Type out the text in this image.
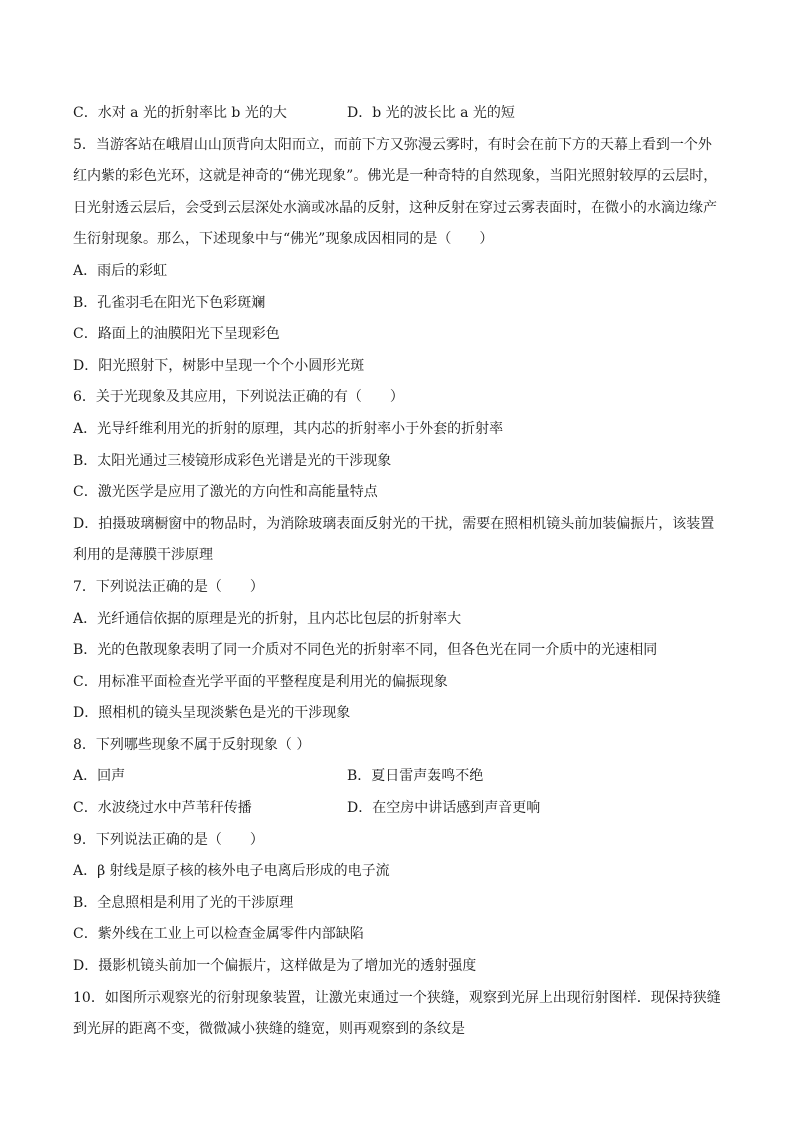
C．水对 a 光的折射率比 b 光的大	D．b 光的波长比 a 光的短
5．当游客站在峨眉山山顶背向太阳而立，而前下方又弥漫云雾时，有时会在前下方的天幕上看到一个外
红内紫的彩色光环，这就是神奇的“佛光现象”。佛光是一种奇特的自然现象，当阳光照射较厚的云层时，
日光射透云层后，会受到云层深处水滴或冰晶的反射，这种反射在穿过云雾表面时，在微小的水滴边缘产
生衍射现象。那么，下述现象中与“佛光”现象成因相同的是（　　）
A．雨后的彩虹
B．孔雀羽毛在阳光下色彩斑斓
C．路面上的油膜阳光下呈现彩色
D．阳光照射下，树影中呈现一个个小圆形光斑
6．关于光现象及其应用，下列说法正确的有（　　）
A．光导纤维利用光的折射的原理，其内芯的折射率小于外套的折射率
B．太阳光通过三棱镜形成彩色光谱是光的干涉现象
C．激光医学是应用了激光的方向性和高能量特点
D．拍摄玻璃橱窗中的物品时，为消除玻璃表面反射光的干扰，需要在照相机镜头前加装偏振片，该装置
利用的是薄膜干涉原理
7．下列说法正确的是（　　）
A．光纤通信依据的原理是光的折射，且内芯比包层的折射率大
B．光的色散现象表明了同一介质对不同色光的折射率不同，但各色光在同一介质中的光速相同
C．用标准平面检查光学平面的平整程度是利用光的偏振现象
D．照相机的镜头呈现淡紫色是光的干涉现象
8．下列哪些现象不属于反射现象（ ）
A．回声	B．夏日雷声轰鸣不绝
C．水波绕过水中芦苇秆传播	D．在空房中讲话感到声音更响
9．下列说法正确的是（　　）
A．β 射线是原子核的核外电子电离后形成的电子流
B．全息照相是利用了光的干涉原理
C．紫外线在工业上可以检查金属零件内部缺陷
D．摄影机镜头前加一个偏振片，这样做是为了增加光的透射强度
10．如图所示观察光的衍射现象装置，让激光束通过一个狭缝，观察到光屏上出现衍射图样．现保持狭缝
到光屏的距离不变，微微减小狭缝的缝宽，则再观察到的条纹是
